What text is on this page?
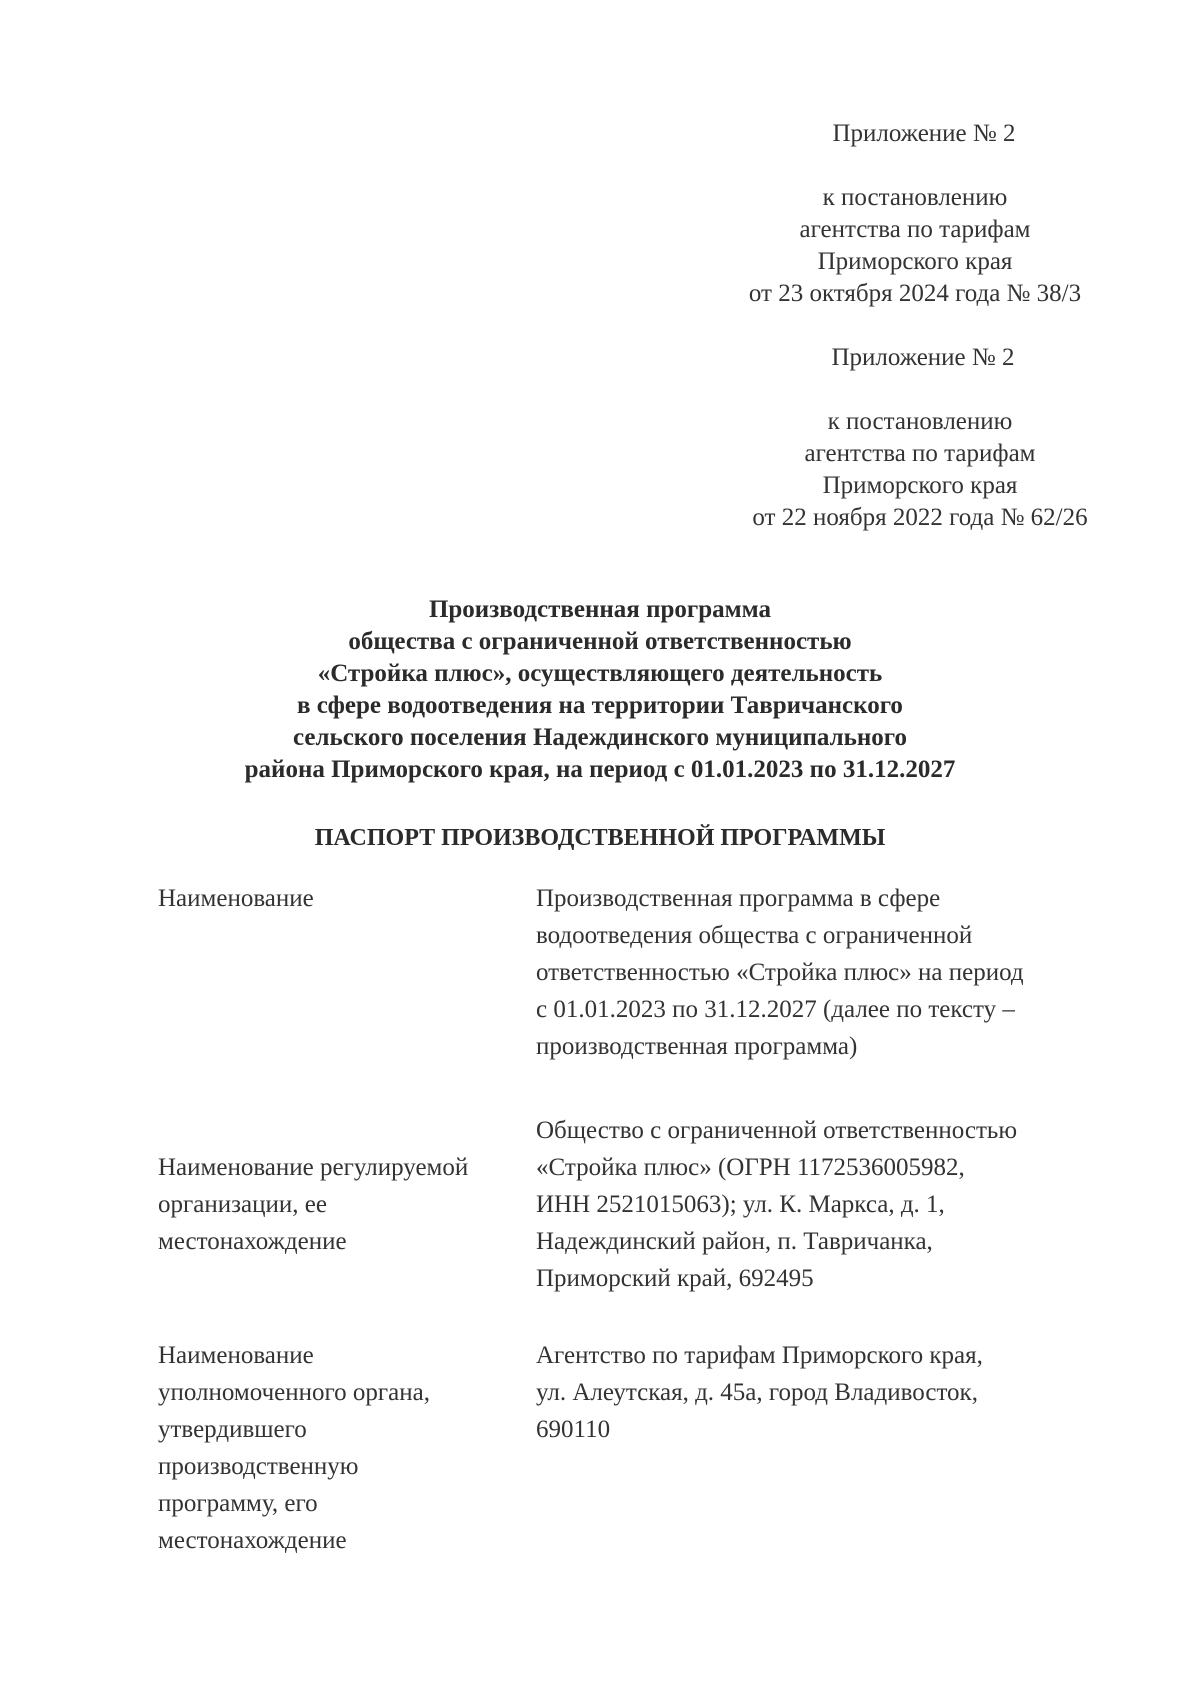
Приложение № 2
к постановлению
агентства по тарифам
Приморского края
от 23 октября 2024 года № 38/3
Приложение № 2
к постановлению
агентства по тарифам
Приморского края
от 22 ноября 2022 года № 62/26
Производственная программа
общества с ограниченной ответственностью
«Стройка плюс», осуществляющего деятельность
в сфере водоотведения на территории Тавричанского
сельского поселения Надеждинского муниципального
района Приморского края, на период с 01.01.2023 по 31.12.2027
ПАСПОРТ ПРОИЗВОДСТВЕННОЙ ПРОГРАММЫ
Наименование	Производственная программа в сфере
водоотведения общества с ограниченной
ответственностью «Стройка плюс» на период
с 01.01.2023 по 31.12.2027 (далее по тексту –
производственная программа)
Наименование регулируемой
организации, ее
местонахождение
Общество с ограниченной ответственностью
«Стройка плюс» (ОГРН 1172536005982,
ИНН 2521015063); ул. К. Маркса, д. 1,
Надеждинский район, п. Тавричанка,
Приморский край, 692495
Наименование
уполномоченного органа,
утвердившего
производственную
программу, его
местонахождение
Агентство по тарифам Приморского края,
ул. Алеутская, д. 45а, город Владивосток,
690110
